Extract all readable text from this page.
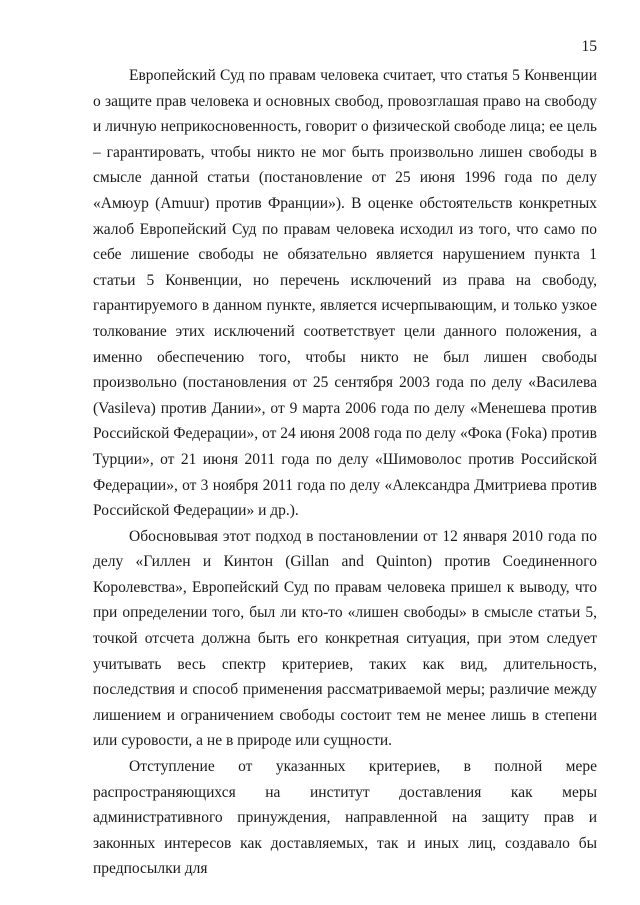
15

Европейский Суд по правам человека считает, что статья 5 Конвенции о защите прав человека и основных свобод, провозглашая право на свободу и личную неприкосновенность, говорит о физической свободе лица; ее цель – гарантировать, чтобы никто не мог быть произвольно лишен свободы в смысле данной статьи (постановление от 25 июня 1996 года по делу «Амюур (Amuur) против Франции»). В оценке обстоятельств конкретных жалоб Европейский Суд по правам человека исходил из того, что само по себе лишение свободы не обязательно является нарушением пункта 1 статьи 5 Конвенции, но перечень исключений из права на свободу, гарантируемого в данном пункте, является исчерпывающим, и только узкое толкование этих исключений соответствует цели данного положения, а именно обеспечению того, чтобы никто не был лишен свободы произвольно (постановления от 25 сентября 2003 года по делу «Василева (Vasileva) против Дании», от 9 марта 2006 года по делу «Менешева против Российской Федерации», от 24 июня 2008 года по делу «Фока (Foka) против Турции», от 21 июня 2011 года по делу «Шимоволос против Российской Федерации», от 3 ноября 2011 года по делу «Александра Дмитриева против Российской Федерации» и др.).

Обосновывая этот подход в постановлении от 12 января 2010 года по делу «Гиллен и Кинтон (Gillan and Quinton) против Соединенного Королевства», Европейский Суд по правам человека пришел к выводу, что при определении того, был ли кто-то «лишен свободы» в смысле статьи 5, точкой отсчета должна быть его конкретная ситуация, при этом следует учитывать весь спектр критериев, таких как вид, длительность, последствия и способ применения рассматриваемой меры; различие между лишением и ограничением свободы состоит тем не менее лишь в степени или суровости, а не в природе или сущности.

Отступление от указанных критериев, в полной мере распространяющихся на институт доставления как меры административного принуждения, направленной на защиту прав и законных интересов как доставляемых, так и иных лиц, создавало бы предпосылки для
